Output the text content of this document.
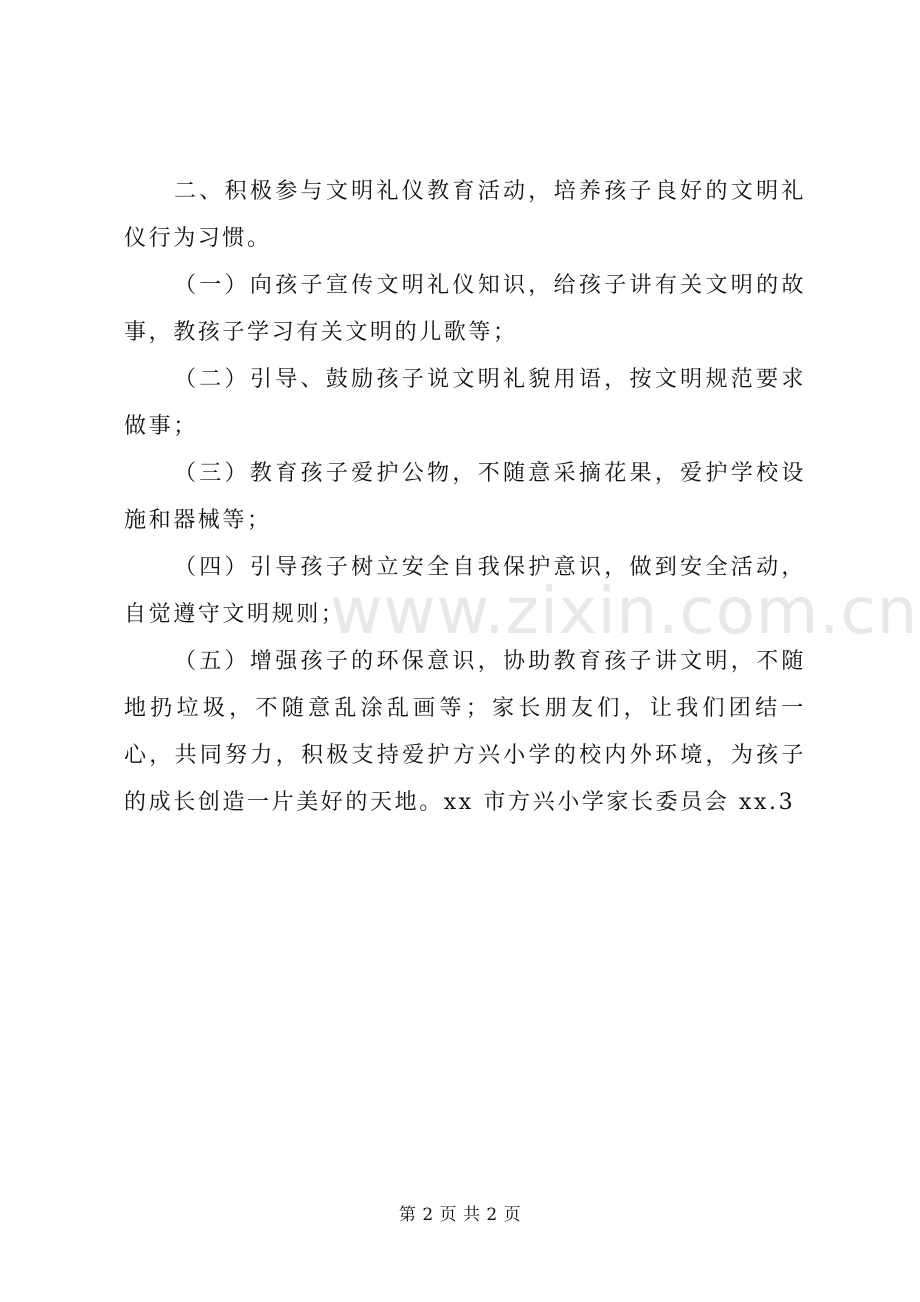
www.zixin.com.cn

二、积极参与文明礼仪教育活动，培养孩子良好的文明礼仪行为习惯。

（一）向孩子宣传文明礼仪知识，给孩子讲有关文明的故事，教孩子学习有关文明的儿歌等；

（二）引导、鼓励孩子说文明礼貌用语，按文明规范要求做事；

（三）教育孩子爱护公物，不随意采摘花果，爱护学校设施和器械等；

（四）引导孩子树立安全自我保护意识，做到安全活动，自觉遵守文明规则；

（五）增强孩子的环保意识，协助教育孩子讲文明，不随地扔垃圾，不随意乱涂乱画等；家长朋友们，让我们团结一心，共同努力，积极支持爱护方兴小学的校内外环境，为孩子的成长创造一片美好的天地。xx 市方兴小学家长委员会 xx.3

第 2 页 共 2 页
